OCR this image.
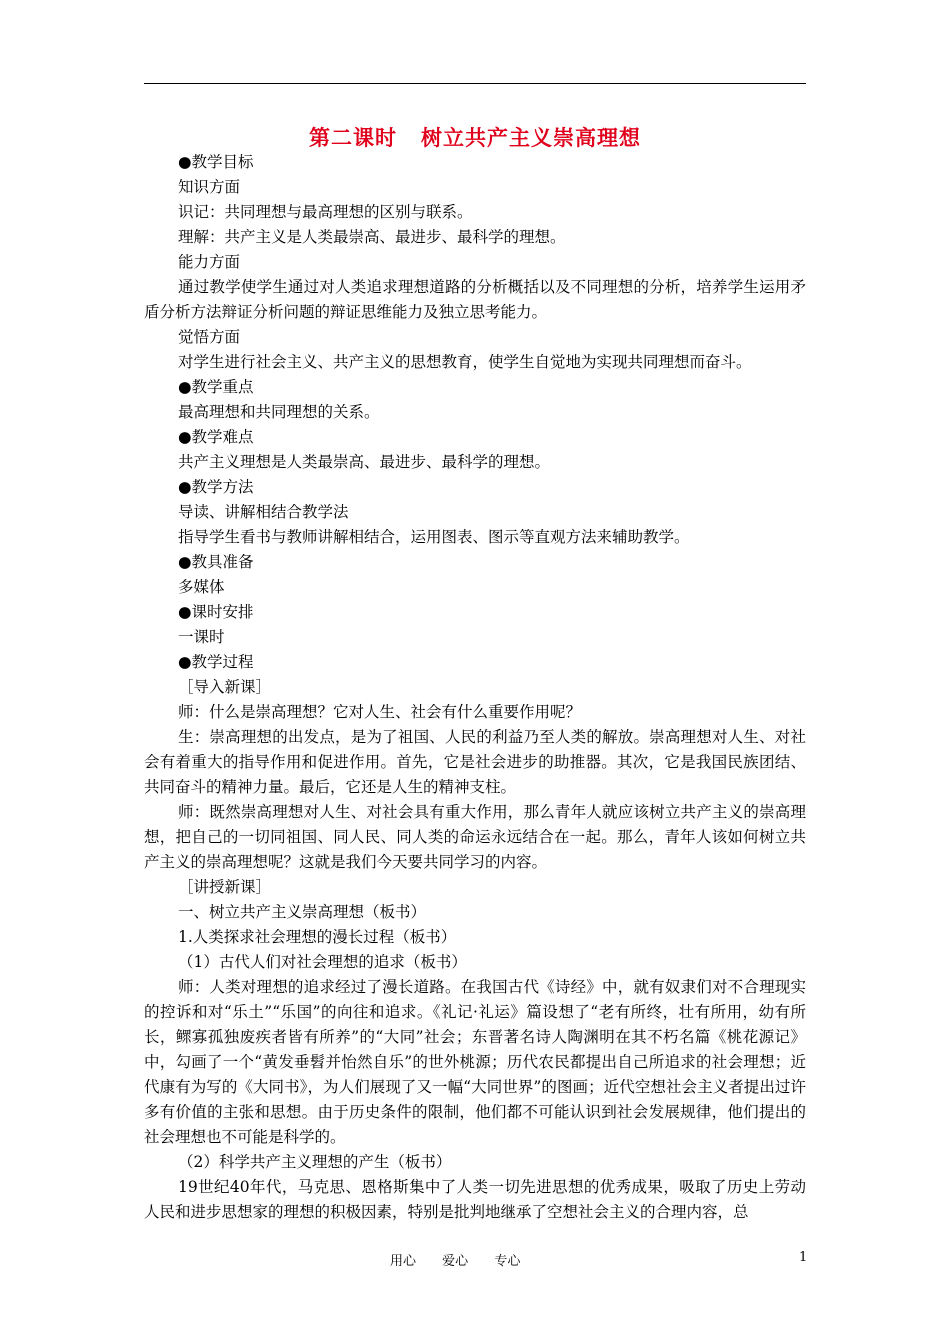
第二课时 树立共产主义崇高理想

●教学目标

知识方面

识记：共同理想与最高理想的区别与联系。

理解：共产主义是人类最崇高、最进步、最科学的理想。

能力方面

通过教学使学生通过对人类追求理想道路的分析概括以及不同理想的分析，培养学生运用矛盾分析方法辩证分析问题的辩证思维能力及独立思考能力。

觉悟方面

对学生进行社会主义、共产主义的思想教育，使学生自觉地为实现共同理想而奋斗。

●教学重点

最高理想和共同理想的关系。

●教学难点

共产主义理想是人类最崇高、最进步、最科学的理想。

●教学方法

导读、讲解相结合教学法

指导学生看书与教师讲解相结合，运用图表、图示等直观方法来辅助教学。

●教具准备

多媒体

●课时安排

一课时

●教学过程

［导入新课］

师：什么是崇高理想？它对人生、社会有什么重要作用呢？

生：崇高理想的出发点，是为了祖国、人民的利益乃至人类的解放。崇高理想对人生、对社会有着重大的指导作用和促进作用。首先，它是社会进步的助推器。其次，它是我国民族团结、共同奋斗的精神力量。最后，它还是人生的精神支柱。

师：既然崇高理想对人生、对社会具有重大作用，那么青年人就应该树立共产主义的崇高理想，把自己的一切同祖国、同人民、同人类的命运永远结合在一起。那么，青年人该如何树立共产主义的崇高理想呢？这就是我们今天要共同学习的内容。

［讲授新课］

一、树立共产主义崇高理想（板书）

1.人类探求社会理想的漫长过程（板书）

（1）古代人们对社会理想的追求（板书）

师：人类对理想的追求经过了漫长道路。在我国古代《诗经》中，就有奴隶们对不合理现实的控诉和对“乐土”“乐国”的向往和追求。《礼记·礼运》篇设想了“老有所终，壮有所用，幼有所长，鳏寡孤独废疾者皆有所养”的“大同”社会；东晋著名诗人陶渊明在其不朽名篇《桃花源记》中，勾画了一个“黄发垂髫并怡然自乐”的世外桃源；历代农民都提出自己所追求的社会理想；近代康有为写的《大同书》，为人们展现了又一幅“大同世界”的图画；近代空想社会主义者提出过许多有价值的主张和思想。由于历史条件的限制，他们都不可能认识到社会发展规律，他们提出的社会理想也不可能是科学的。

（2）科学共产主义理想的产生（板书）

19世纪40年代，马克思、恩格斯集中了人类一切先进思想的优秀成果，吸取了历史上劳动人民和进步思想家的理想的积极因素，特别是批判地继承了空想社会主义的合理内容，总

用心 爱心 专心	1
